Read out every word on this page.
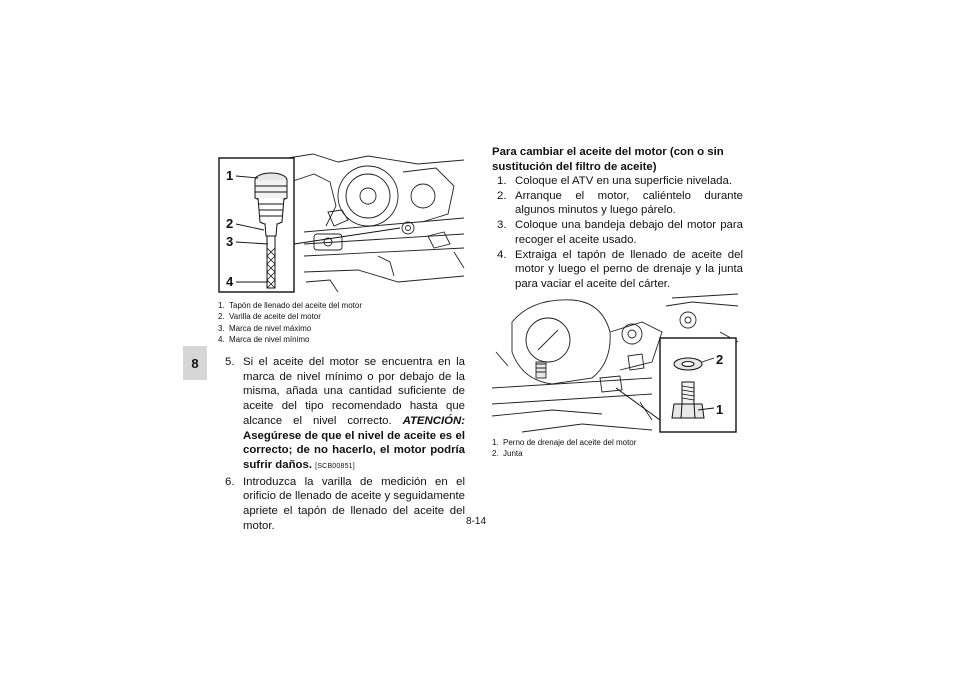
8
1
2
3
4
1. Tapón de llenado del aceite del motor
2. Varilla de aceite del motor
3. Marca de nivel máximo
4. Marca de nivel mínimo
5. Si el aceite del motor se encuentra en la marca de nivel mínimo o por debajo de la misma, añada una cantidad suficiente de aceite del tipo recomendado hasta que alcance el nivel correcto. ATENCIÓN: Asegúrese de que el nivel de aceite es el correcto; de no hacerlo, el motor podría sufrir daños. [SCB00851]
6. Introduzca la varilla de medición en el orificio de llenado de aceite y seguidamente apriete el tapón de llenado del aceite del motor.
Para cambiar el aceite del motor (con o sin sustitución del filtro de aceite)
1. Coloque el ATV en una superficie nivelada.
2. Arranque el motor, caliéntelo durante algunos minutos y luego párelo.
3. Coloque una bandeja debajo del motor para recoger el aceite usado.
4. Extraiga el tapón de llenado de aceite del motor y luego el perno de drenaje y la junta para vaciar el aceite del cárter.
2
1
1. Perno de drenaje del aceite del motor
2. Junta
8-14
